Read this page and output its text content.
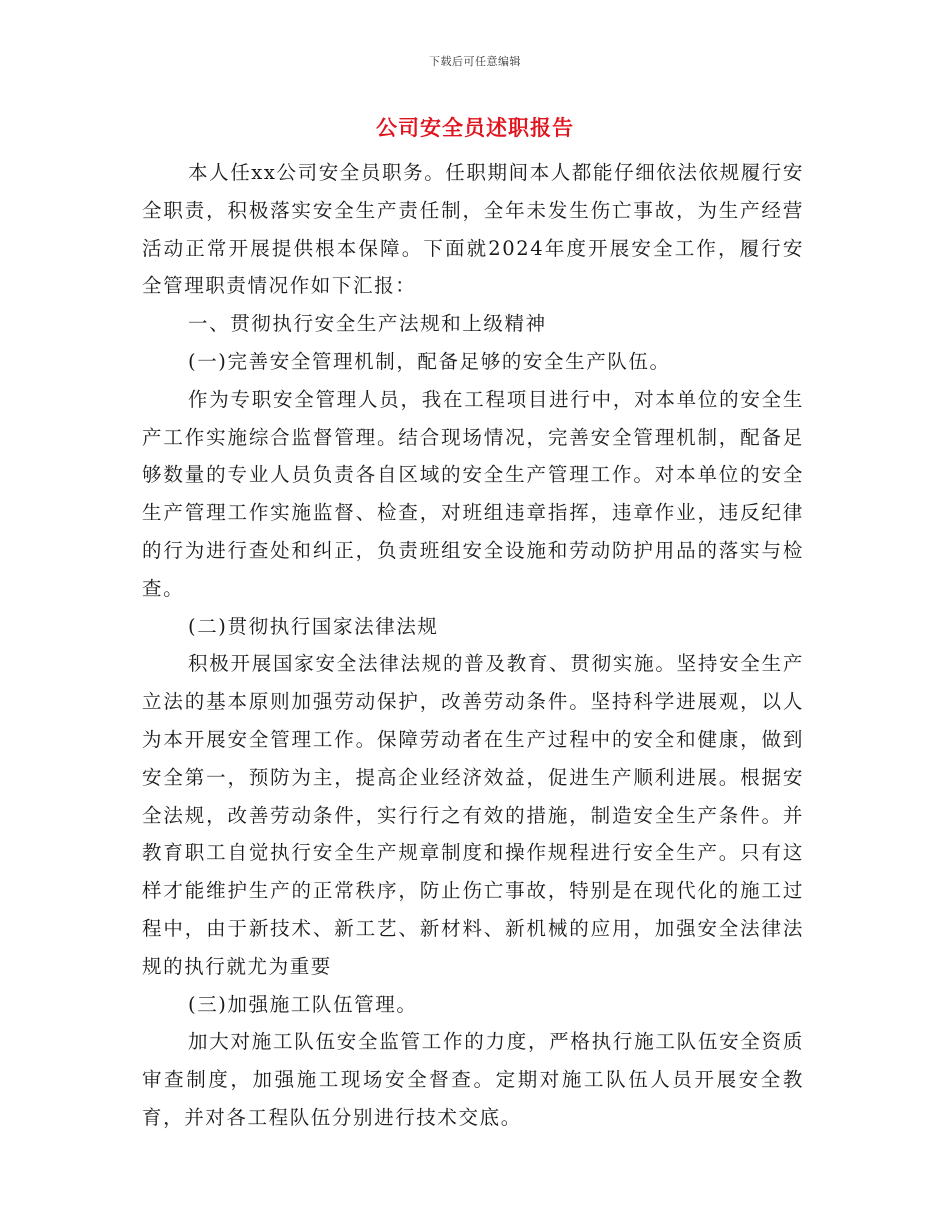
下载后可任意编辑
公司安全员述职报告

本人任xx公司安全员职务。任职期间本人都能仔细依法依规履行安全职责，积极落实安全生产责任制，全年未发生伤亡事故，为生产经营活动正常开展提供根本保障。下面就2024年度开展安全工作，履行安全管理职责情况作如下汇报：

一、贯彻执行安全生产法规和上级精神

(一)完善安全管理机制，配备足够的安全生产队伍。

作为专职安全管理人员，我在工程项目进行中，对本单位的安全生产工作实施综合监督管理。结合现场情况，完善安全管理机制，配备足够数量的专业人员负责各自区域的安全生产管理工作。对本单位的安全生产管理工作实施监督、检查，对班组违章指挥，违章作业，违反纪律的行为进行查处和纠正，负责班组安全设施和劳动防护用品的落实与检查。

(二)贯彻执行国家法律法规

积极开展国家安全法律法规的普及教育、贯彻实施。坚持安全生产立法的基本原则加强劳动保护，改善劳动条件。坚持科学进展观，以人为本开展安全管理工作。保障劳动者在生产过程中的安全和健康，做到安全第一，预防为主，提高企业经济效益，促进生产顺利进展。根据安全法规，改善劳动条件，实行行之有效的措施，制造安全生产条件。并教育职工自觉执行安全生产规章制度和操作规程进行安全生产。只有这样才能维护生产的正常秩序，防止伤亡事故，特别是在现代化的施工过程中，由于新技术、新工艺、新材料、新机械的应用，加强安全法律法规的执行就尤为重要

(三)加强施工队伍管理。

加大对施工队伍安全监管工作的力度，严格执行施工队伍安全资质审查制度，加强施工现场安全督查。定期对施工队伍人员开展安全教育，并对各工程队伍分别进行技术交底。
